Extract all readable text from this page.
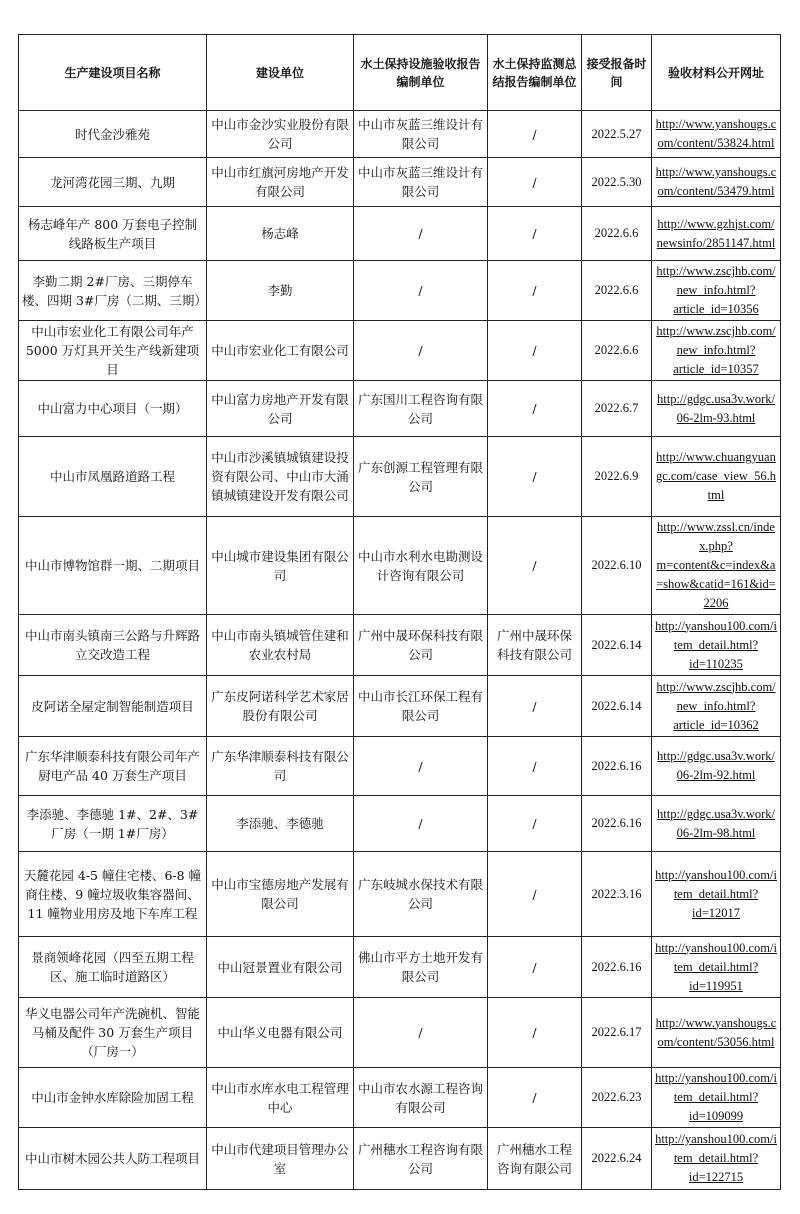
生产建设项目名称	建设单位	水土保持设施验收报告编制单位	水土保持监测总结报告编制单位	接受报备时间	验收材料公开网址
时代金沙雅苑	中山市金沙实业股份有限公司	中山市灰蓝三维设计有限公司	/	2022.5.27	http://www.yanshougs.com/content/53824.html
龙河湾花园三期、九期	中山市红旗河房地产开发有限公司	中山市灰蓝三维设计有限公司	/	2022.5.30	http://www.yanshougs.com/content/53479.html
杨志峰年产 800 万套电子控制线路板生产项目	杨志峰	/	/	2022.6.6	http://www.gzhjst.com/newsinfo/2851147.html
李勤二期 2#厂房、三期停车楼、四期 3#厂房（二期、三期）	李勤	/	/	2022.6.6	http://www.zscjhb.com/new_info.html?article_id=10356
中山市宏业化工有限公司年产 5000 万灯具开关生产线新建项目	中山市宏业化工有限公司	/	/	2022.6.6	http://www.zscjhb.com/new_info.html?article_id=10357
中山富力中心项目（一期）	中山富力房地产开发有限公司	广东国川工程咨询有限公司	/	2022.6.7	http://gdgc.usa3v.work/06-2lm-93.html
中山市凤凰路道路工程	中山市沙溪镇城镇建设投资有限公司、中山市大涌镇城镇建设开发有限公司	广东创源工程管理有限公司	/	2022.6.9	http://www.chuangyuangc.com/case_view_56.html
中山市博物馆群一期、二期项目	中山城市建设集团有限公司	中山市水利水电勘测设计咨询有限公司	/	2022.6.10	http://www.zssl.cn/index.php?m=content&c=index&a=show&catid=161&id=2206
中山市南头镇南三公路与升辉路立交改造工程	中山市南头镇城管住建和农业农村局	广州中晟环保科技有限公司	广州中晟环保科技有限公司	2022.6.14	http://yanshou100.com/item_detail.html?id=110235
皮阿诺全屋定制智能制造项目	广东皮阿诺科学艺术家居股份有限公司	中山市长江环保工程有限公司	/	2022.6.14	http://www.zscjhb.com/new_info.html?article_id=10362
广东华津顺泰科技有限公司年产厨电产品 40 万套生产项目	广东华津顺泰科技有限公司	/	/	2022.6.16	http://gdgc.usa3v.work/06-2lm-92.html
李添驰、李德驰 1#、2#、3#厂房（一期 1#厂房）	李添驰、李德驰	/	/	2022.6.16	http://gdgc.usa3v.work/06-2lm-98.html
天麓花园 4-5 幢住宅楼、6-8 幢商住楼、9 幢垃圾收集容器间、11 幢物业用房及地下车库工程	中山市宝德房地产发展有限公司	广东岐城水保技术有限公司	/	2022.3.16	http://yanshou100.com/item_detail.html?id=12017
景商领峰花园（四至五期工程区、施工临时道路区）	中山冠景置业有限公司	佛山市平方土地开发有限公司	/	2022.6.16	http://yanshou100.com/item_detail.html?id=119951
华义电器公司年产洗碗机、智能马桶及配件 30 万套生产项目（厂房一）	中山华义电器有限公司	/	/	2022.6.17	http://www.yanshougs.com/content/53056.html
中山市金钟水库除险加固工程	中山市水库水电工程管理中心	中山市农水源工程咨询有限公司	/	2022.6.23	http://yanshou100.com/item_detail.html?id=109099
中山市树木园公共人防工程项目	中山市代建项目管理办公室	广州穗水工程咨询有限公司	广州穗水工程咨询有限公司	2022.6.24	http://yanshou100.com/item_detail.html?id=122715
